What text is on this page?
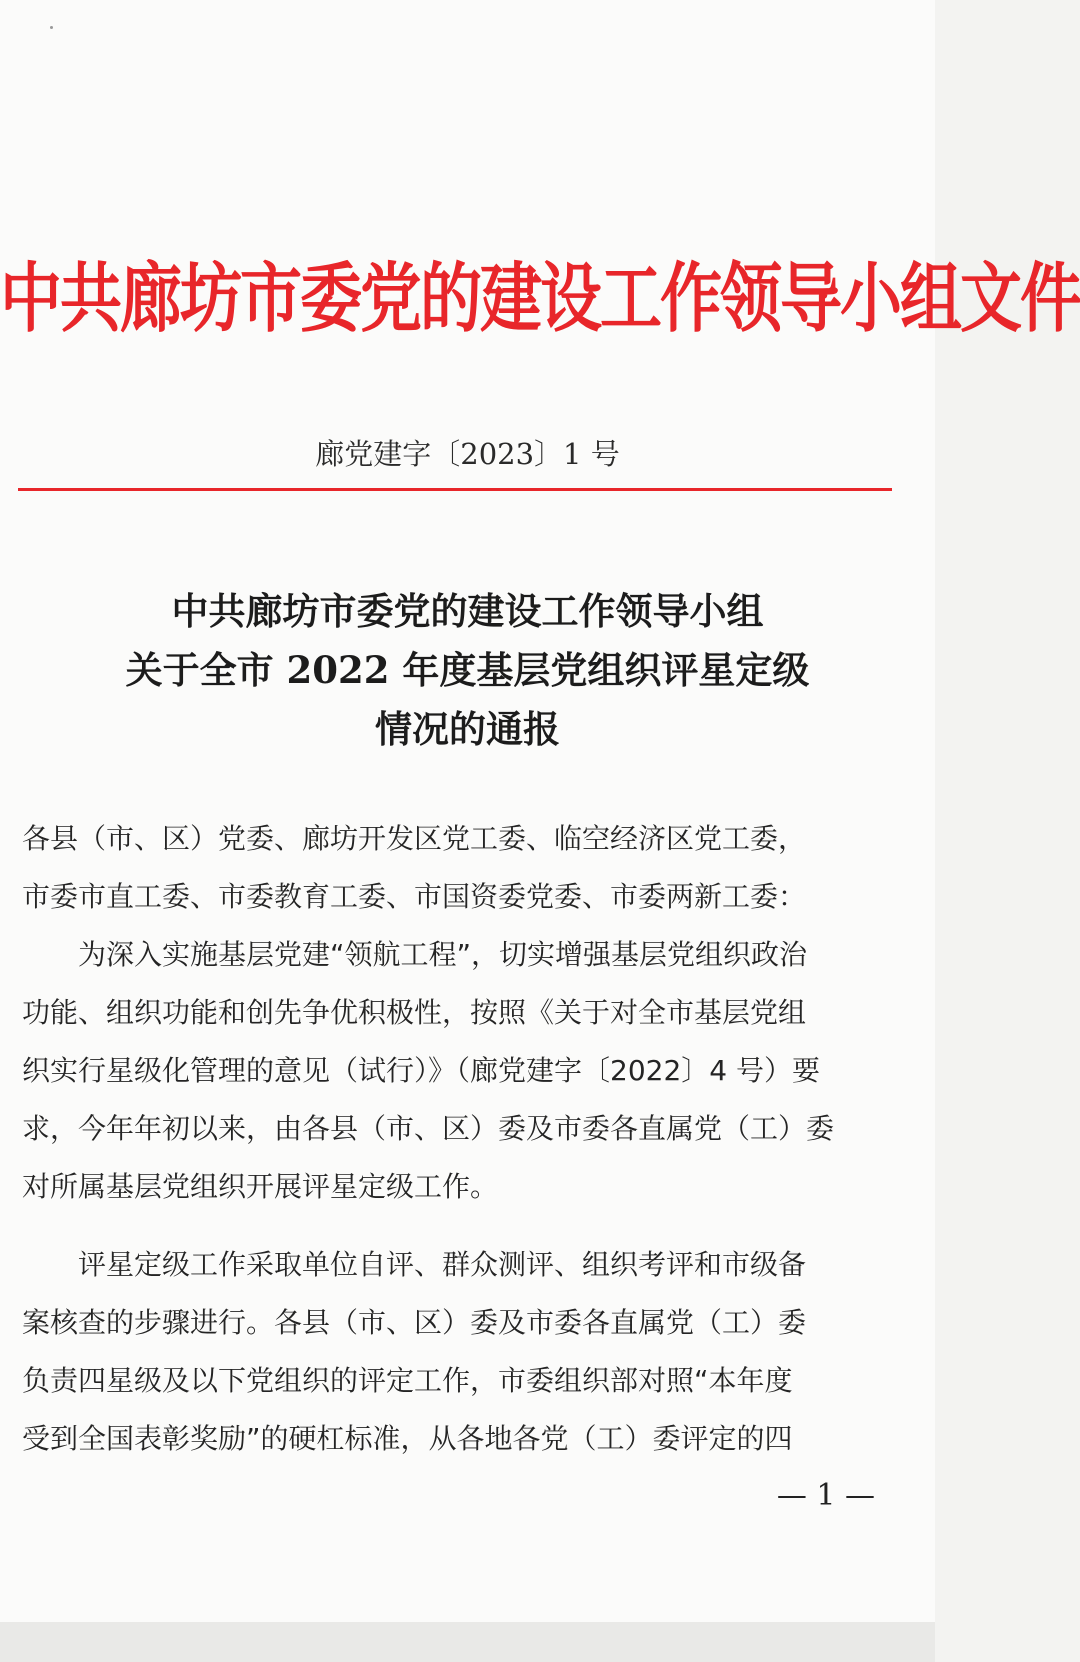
中共廊坊市委党的建设工作领导小组文件
廊党建字〔2023〕1 号
中共廊坊市委党的建设工作领导小组
关于全市 2022 年度基层党组织评星定级
情况的通报
各县（市、区）党委、廊坊开发区党工委、临空经济区党工委，
市委市直工委、市委教育工委、市国资委党委、市委两新工委：
为深入实施基层党建“领航工程”，切实增强基层党组织政治
功能、组织功能和创先争优积极性，按照《关于对全市基层党组
织实行星级化管理的意见（试行）》（廊党建字〔2022〕4 号）要
求，今年年初以来，由各县（市、区）委及市委各直属党（工）委
对所属基层党组织开展评星定级工作。
评星定级工作采取单位自评、群众测评、组织考评和市级备
案核查的步骤进行。各县（市、区）委及市委各直属党（工）委
负责四星级及以下党组织的评定工作，市委组织部对照“本年度
受到全国表彰奖励”的硬杠标准，从各地各党（工）委评定的四
— 1 —
